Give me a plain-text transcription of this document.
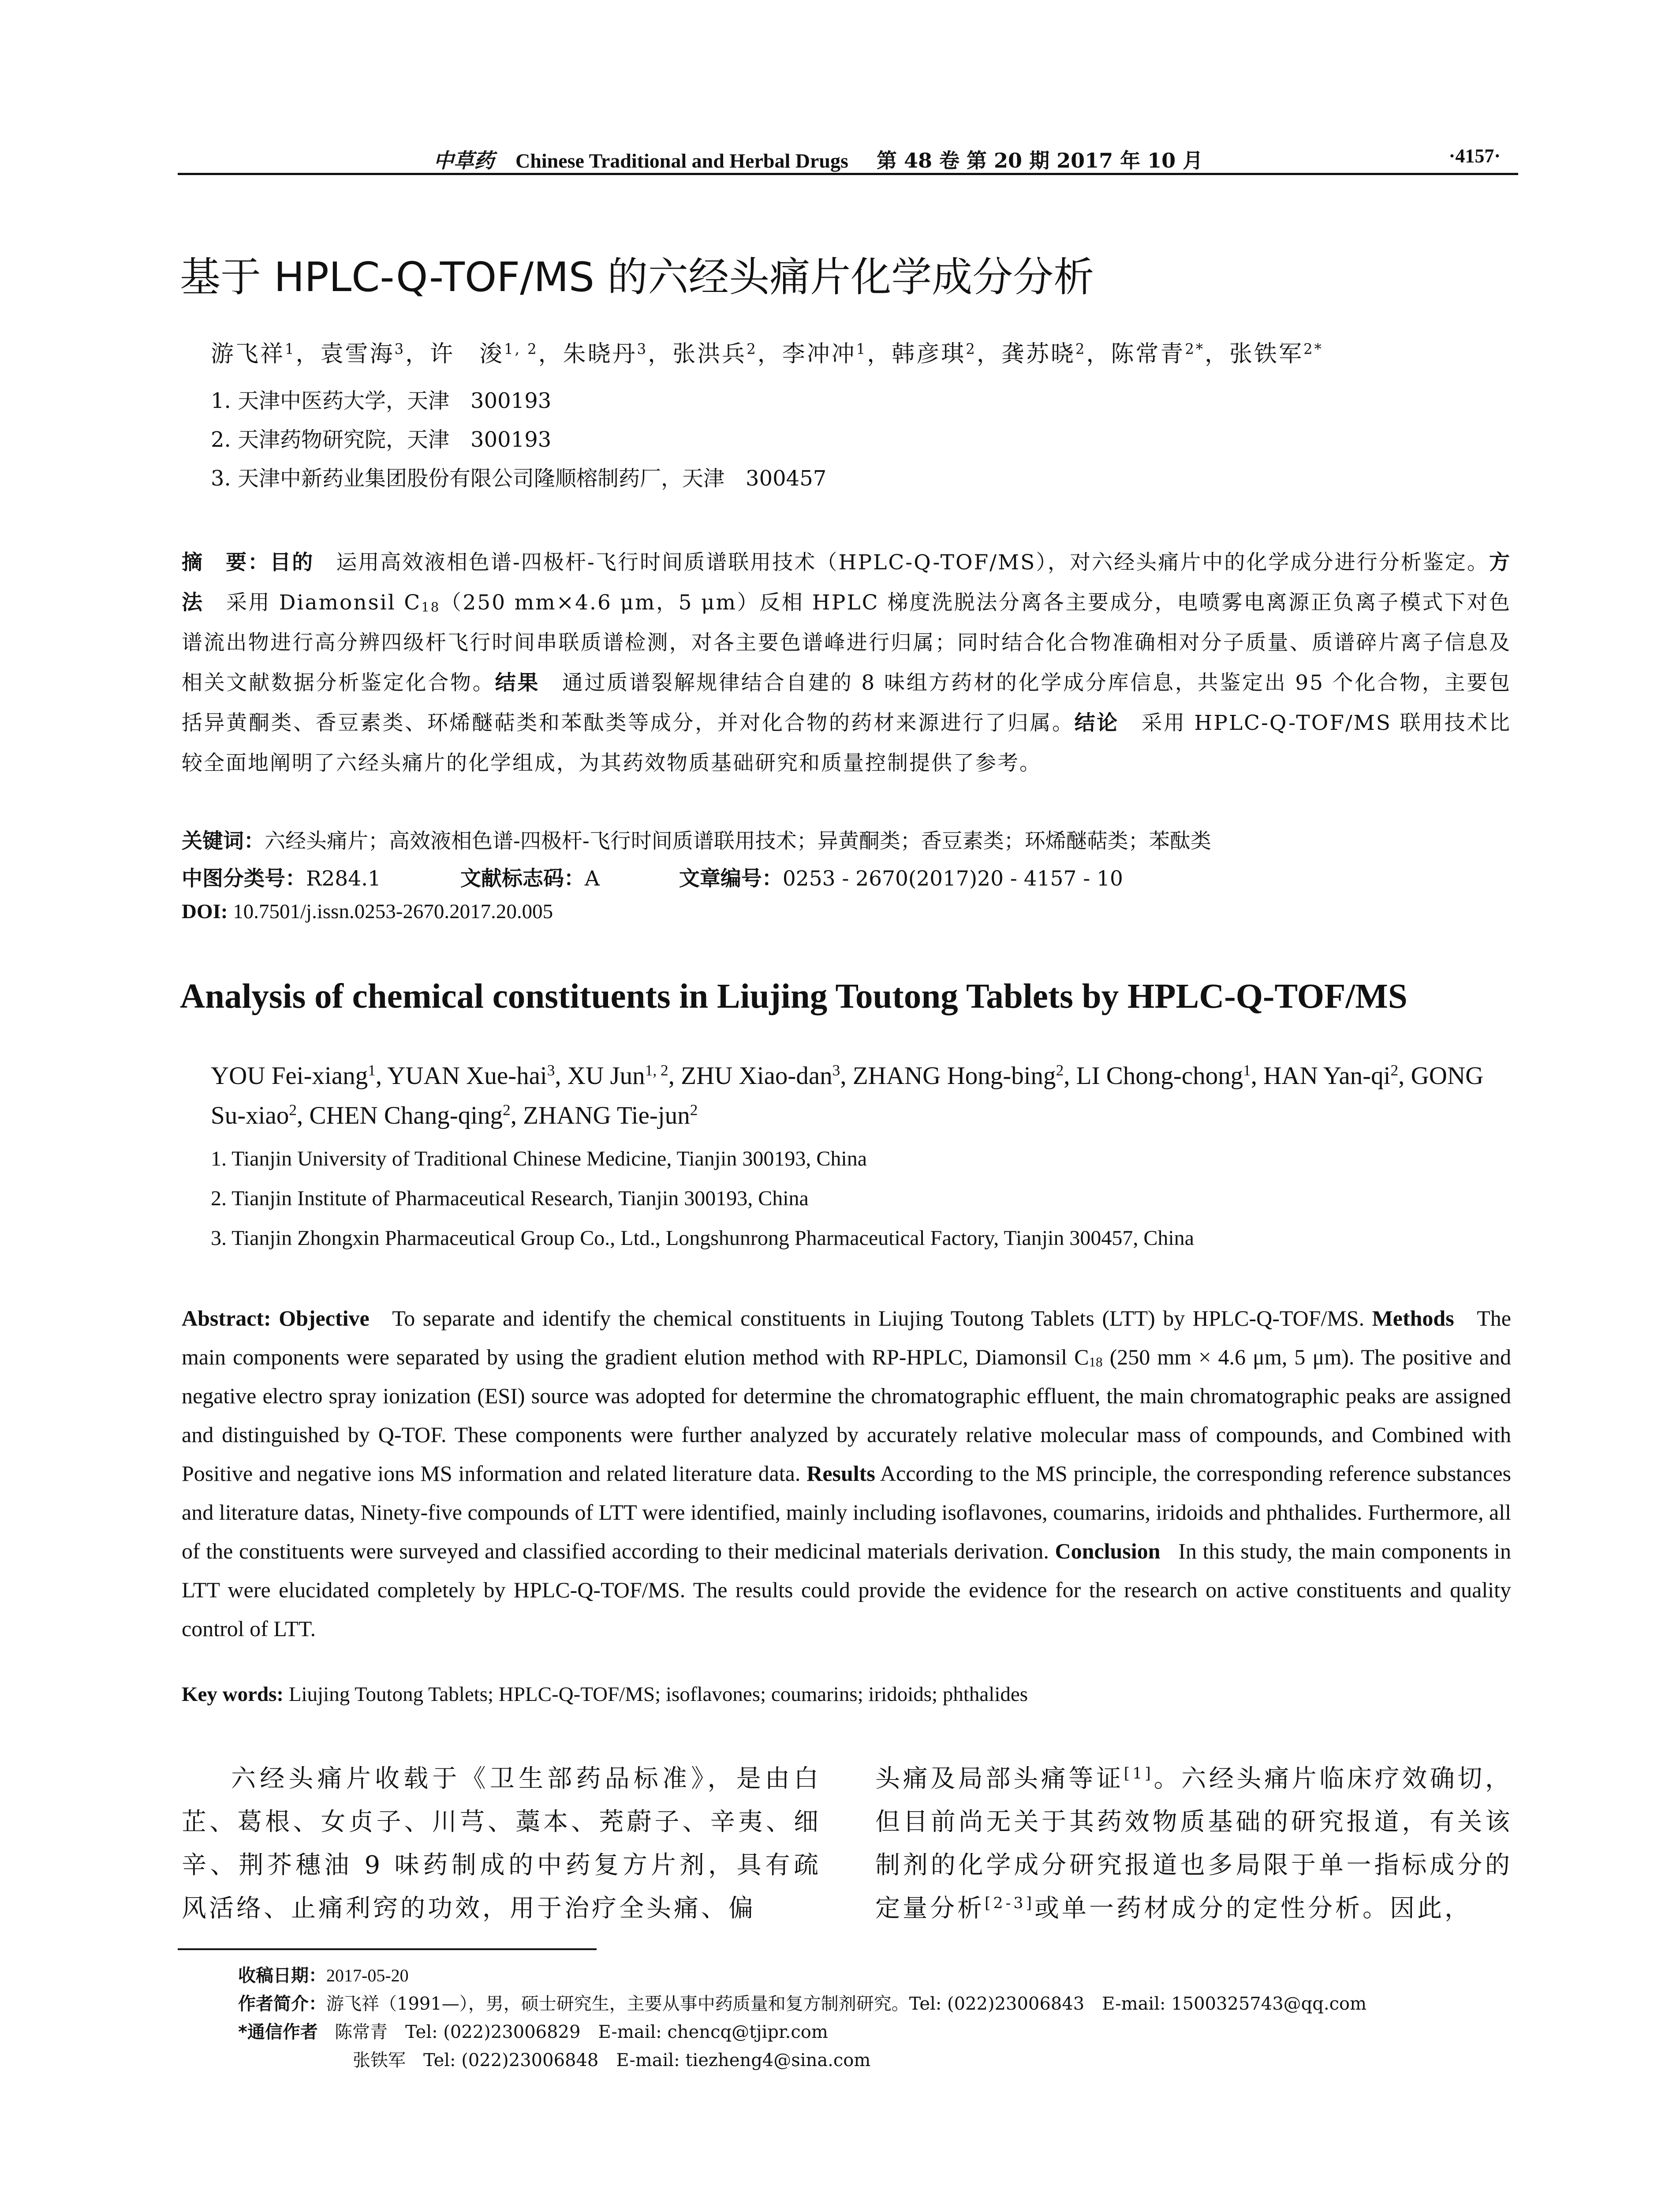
中草药 Chinese Traditional and Herbal Drugs 第 48 卷 第 20 期 2017 年 10 月	·4157·
基于 HPLC-Q-TOF/MS 的六经头痛片化学成分分析
游飞祥$^1$，袁雪海$^3$，许　浚$^{1, 2}$，朱晓丹$^3$，张洪兵$^2$，李冲冲$^1$，韩彦琪$^2$，龚苏晓$^2$，陈常青$^{2*}$，张铁军$^{2*}$
1. 天津中医药大学，天津　300193
2. 天津药物研究院，天津　300193
3. 天津中新药业集团股份有限公司隆顺榕制药厂，天津　300457
摘　要：目的　 运用高效液相色谱-四极杆-飞行时间质谱联用技术（HPLC-Q-TOF/MS），对六经头痛片中的化学成分进行分析鉴定。方法　 采用 Diamonsil $C_{18}(250$ mm×4.6 μm，5 μm）反相 HPLC 梯度洗脱法分离各主要成分，电喷雾电离源正负离子模式下对色谱流出物进行高分辨四级杆飞行时间串联质谱检测，对各主要色谱峰进行归属；同时结合化合物准确相对分子质量、质谱碎片离子信息及相关文献数据分析鉴定化合物。结果　 通过质谱裂解规律结合自建的 8 味组方药材的化学成分库信息，共鉴定出 95 个化合物，主要包括异黄酮类、香豆素类、环烯醚萜类和苯酞类等成分，并对化合物的药材来源进行了归属。结论　 采用 HPLC-Q-TOF/MS 联用技术比较全面地阐明了六经头痛片的化学组成，为其药效物质基础研究和质量控制提供了参考。
关键词：六经头痛片；高效液相色谱-四极杆-飞行时间质谱联用技术；异黄酮类；香豆素类；环烯醚萜类；苯酞类
中图分类号：R284.1	文献标志码：A	文章编号：0253 - 2670(2017)20 - 4157 - 10
DOI: 10.7501/j.issn.0253-2670.2017.20.005
Analysis of chemical constituents in Liujing Toutong Tablets by HPLC-Q-TOF/MS
YOU Fei-xiang$^1$, YUAN Xue-hai$^3$, XU Jun$^{1, 2}$, ZHU Xiao-dan$^3$, ZHANG Hong-bing$^2$, LI Chong-chong$^1$, HAN Yan-$qi^2$, GONG Su-xiao$^2$, CHEN Chang-qing$^2$, ZHANG Tie-jun$^2$
1. Tianjin University of Traditional Chinese Medicine, Tianjin 300193, China
2. Tianjin Institute of Pharmaceutical Research, Tianjin 300193, China
3. Tianjin Zhongxin Pharmaceutical Group Co., Ltd., Longshunrong Pharmaceutical Factory, Tianjin 300457, China
Abstract: Objective To separate and identify the chemical constituents in Liujing Toutong Tablets (LTT) by HPLC-Q-TOF/MS. Methods The main components were separated by using the gradient elution method with RP-HPLC, Diamonsil $C_{18}$ (250 mm × 4.6 μm, 5 μm). The positive and negative electro spray ionization (ESI) source was adopted for determine the chromatographic effluent, the main chromatographic peaks are assigned and distinguished by Q-TOF. These components were further analyzed by accurately relative molecular mass of compounds, and Combined with Positive and negative ions MS information and related literature data. Results According to the MS principle, the corresponding reference substances and literature datas, Ninety-five compounds of LTT were identified, mainly including isoflavones, coumarins, iridoids and phthalides. Furthermore, all of the constituents were surveyed and classified according to their medicinal materials derivation. Conclusion In this study, the main components in LTT were elucidated completely by HPLC-Q-TOF/MS. The results could provide the evidence for the research on active constituents and quality control of LTT.
Key words: Liujing Toutong Tablets; HPLC-Q-TOF/MS; isoflavones; coumarins; iridoids; phthalides
六经头痛片收载于《卫生部药品标准》，是由白芷、葛根、女贞子、川芎、藁本、茺蔚子、辛夷、细辛、荆芥穗油 9 味药制成的中药复方片剂，具有疏风活络、止痛利窍的功效，用于治疗全头痛、偏
头痛及局部头痛等证[1]。六经头痛片临床疗效确切，但目前尚无关于其药效物质基础的研究报道，有关该制剂的化学成分研究报道也多局限于单一指标成分的定量分析[2-3]或单一药材成分的定性分析。因此，
收稿日期：2017-05-20
作者简介：游飞祥（1991—），男，硕士研究生，主要从事中药质量和复方制剂研究。Tel: (022)23006843　E-mail: 1500325743@qq.com
*通信作者 陈常青　Tel: (022)23006829　E-mail: chencq@tjipr.com
张铁军　Tel: (022)23006848　E-mail: tiezheng4@sina.com
